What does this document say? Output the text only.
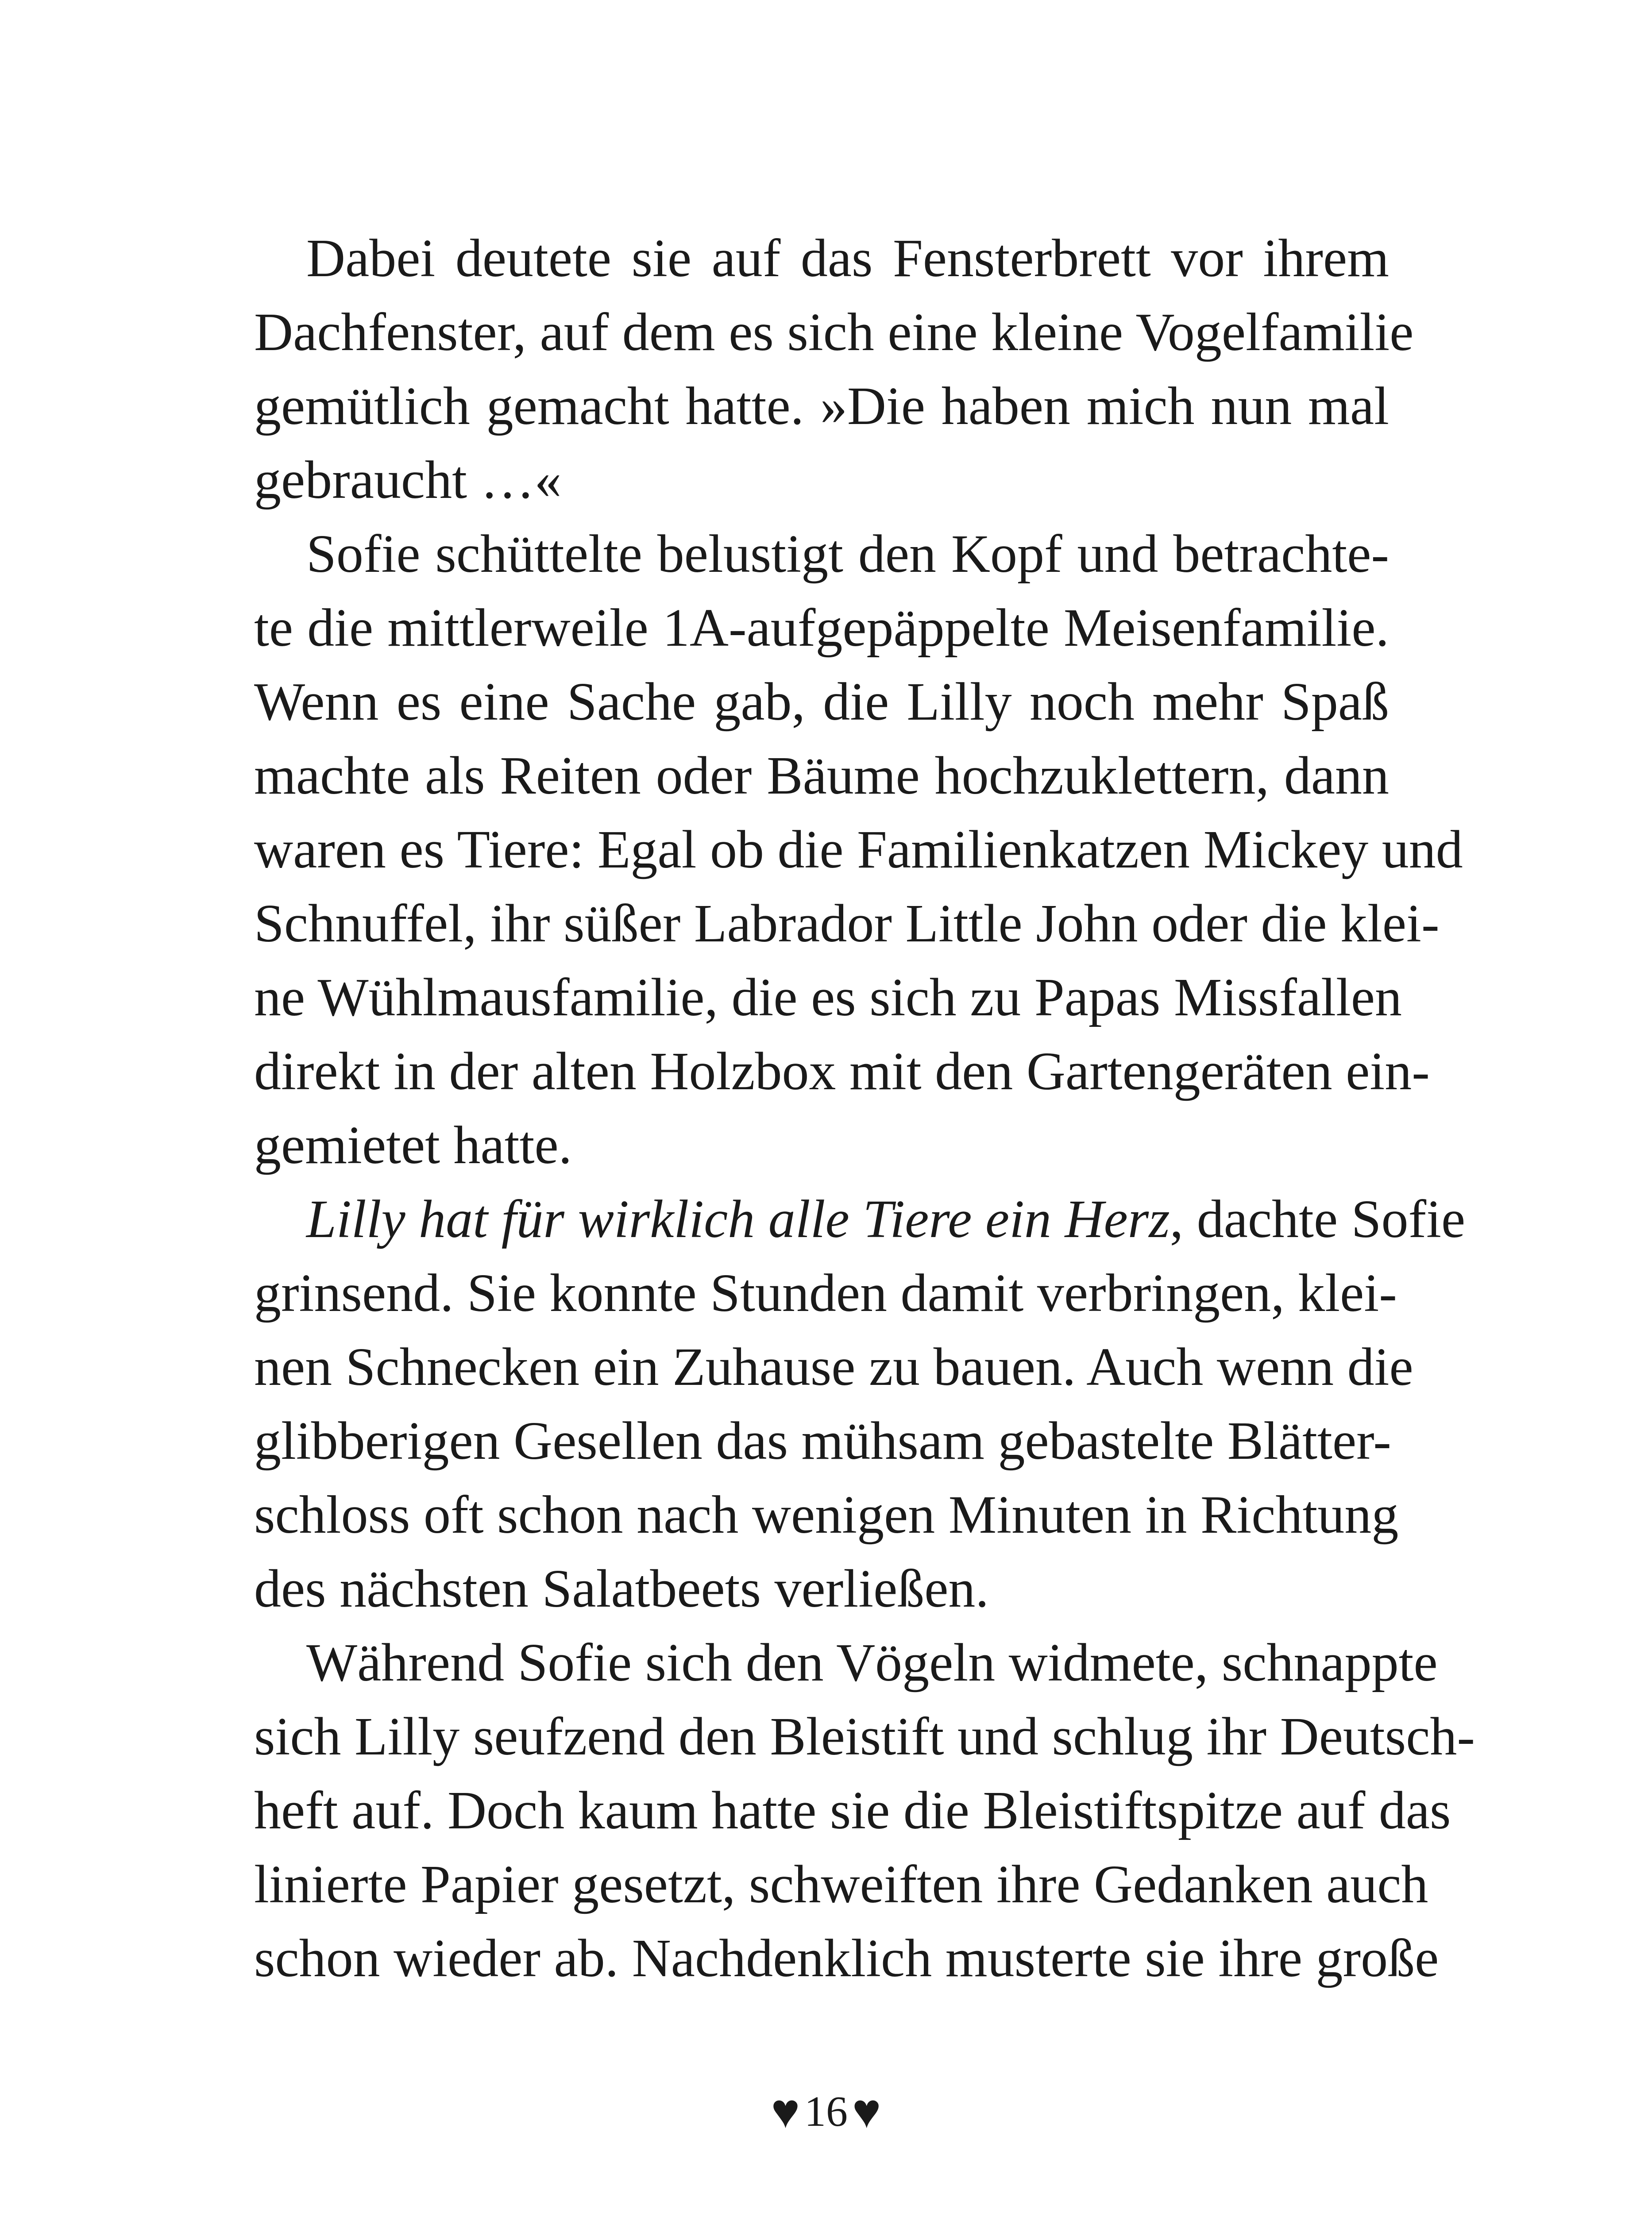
Dabei deutete sie auf das Fensterbrett vor ihrem
Dachfenster, auf dem es sich eine kleine Vogelfamilie
gemütlich gemacht hatte. »Die haben mich nun mal
gebraucht …«
Sofie schüttelte belustigt den Kopf und betrachte-
te die mittlerweile 1A-aufgepäppelte Meisenfamilie.
Wenn es eine Sache gab, die Lilly noch mehr Spaß
machte als Reiten oder Bäume hochzuklettern, dann
waren es Tiere: Egal ob die Familienkatzen Mickey und
Schnuffel, ihr süßer Labrador Little John oder die klei-
ne Wühlmausfamilie, die es sich zu Papas Missfallen
direkt in der alten Holzbox mit den Gartengeräten ein-
gemietet hatte.
Lilly hat für wirklich alle Tiere ein Herz, dachte Sofie
grinsend. Sie konnte Stunden damit verbringen, klei-
nen Schnecken ein Zuhause zu bauen. Auch wenn die
glibberigen Gesellen das mühsam gebastelte Blätter-
schloss oft schon nach wenigen Minuten in Richtung
des nächsten Salatbeets verließen.
Während Sofie sich den Vögeln widmete, schnappte
sich Lilly seufzend den Bleistift und schlug ihr Deutsch-
heft auf. Doch kaum hatte sie die Bleistiftspitze auf das
linierte Papier gesetzt, schweiften ihre Gedanken auch
schon wieder ab. Nachdenklich musterte sie ihre große
♥ 16♥
